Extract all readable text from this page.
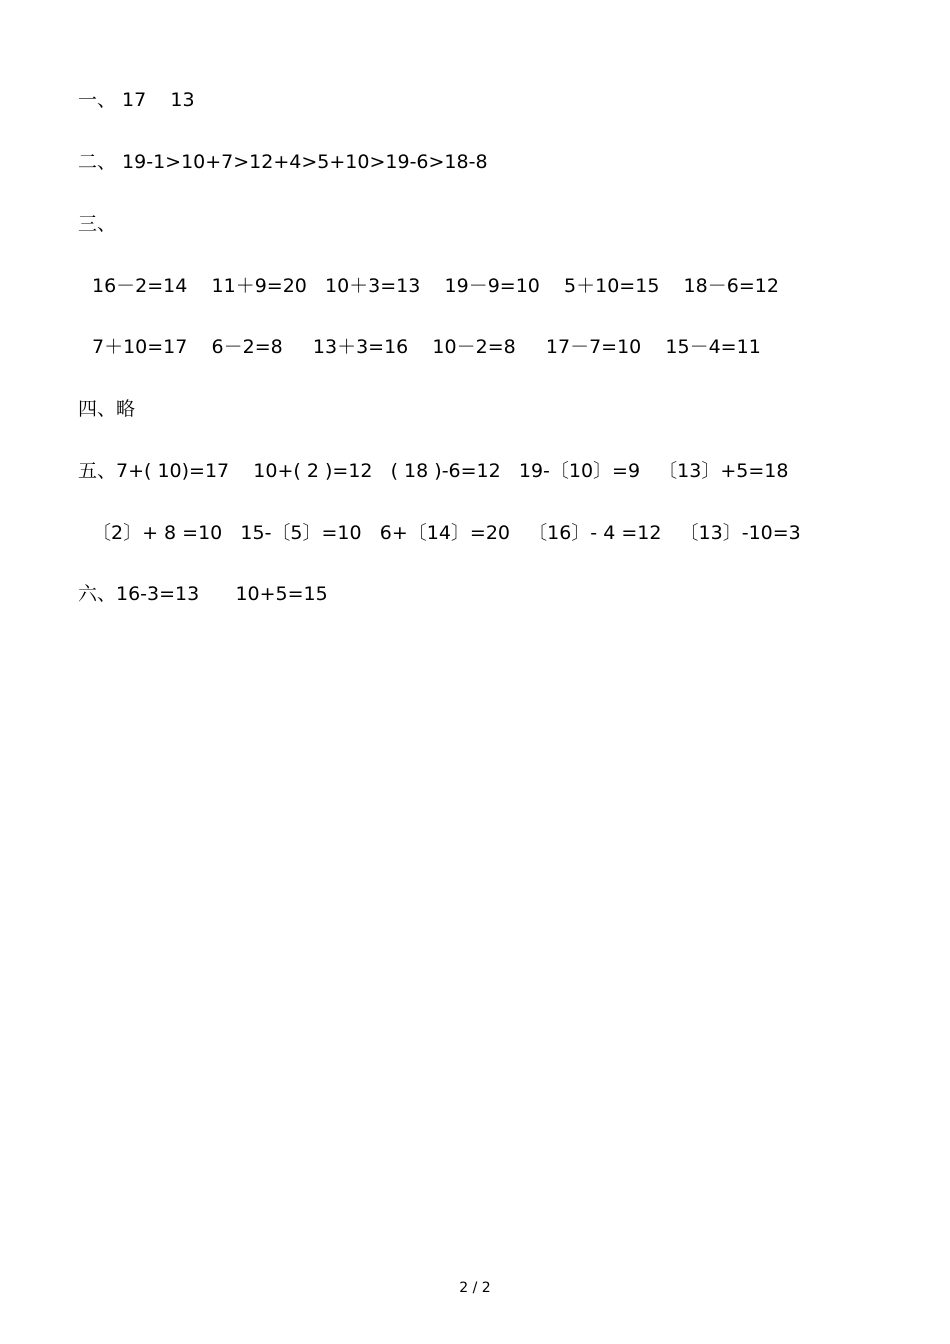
一、 17    13
二、 19-1>10+7>12+4>5+10>19-6>18-8
三、
16－2=14    11＋9=20   10＋3=13    19－9=10    5＋10=15    18－6=12
7＋10=17    6－2=8     13＋3=16    10－2=8     17－7=10    15－4=11
四、略
五、7+( 10)=17    10+( 2 )=12   ( 18 )-6=12   19-〔10〕=9   〔13〕+5=18
〔2〕+ 8 =10   15-〔5〕=10   6+〔14〕=20   〔16〕- 4 =12   〔13〕-10=3
六、16-3=13      10+5=15
2 / 2
